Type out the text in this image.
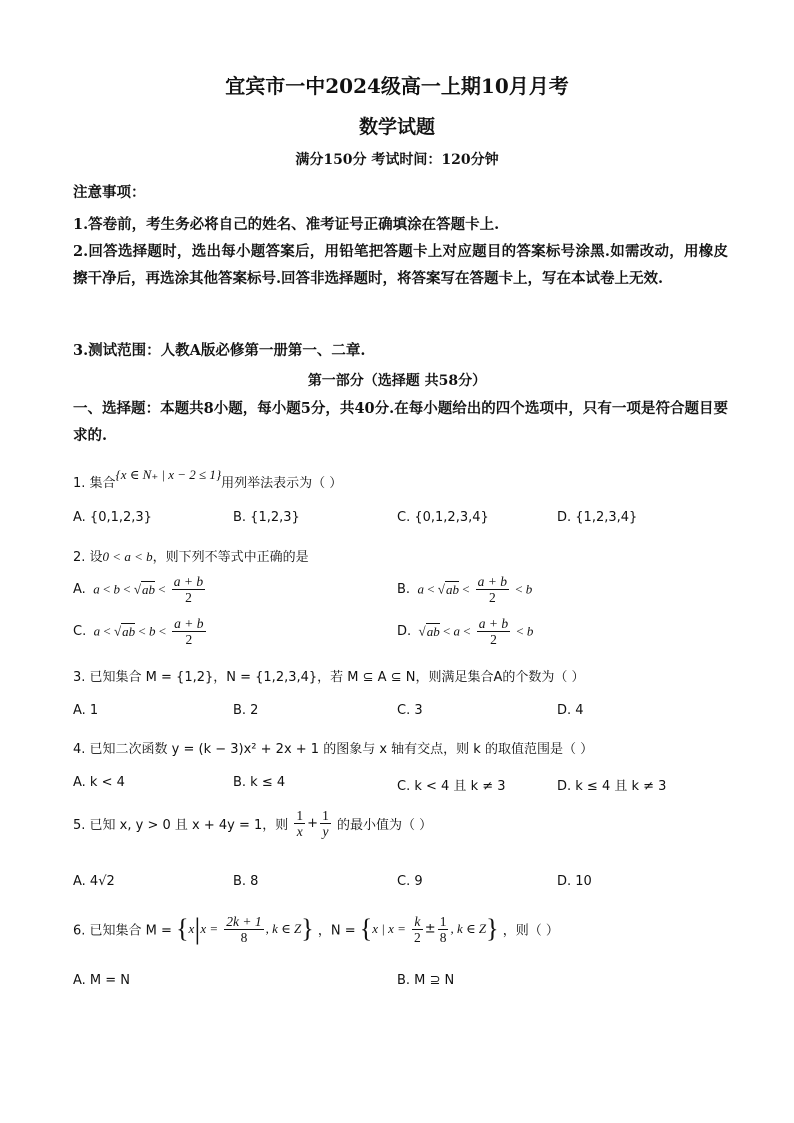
宜宾市一中2024级高一上期10月月考
数学试题
满分150分 考试时间：120分钟
注意事项：
1.答卷前，考生务必将自己的姓名、准考证号正确填涂在答题卡上.
2.回答选择题时，选出每小题答案后，用铅笔把答题卡上对应题目的答案标号涂黑.如需改动，用橡皮擦干净后，再选涂其他答案标号.回答非选择题时，将答案写在答题卡上，写在本试卷上无效.
3.测试范围：人教A版必修第一册第一、二章.
第一部分（选择题 共58分）
一、选择题：本题共8小题，每小题5分，共40分.在每小题给出的四个选项中，只有一项是符合题目要求的.
1. 集合{x ∈ N₊ | x − 2 ≤ 1}用列举法表示为（ ）
A. {0,1,2,3}	B. {1,2,3}	C. {0,1,2,3,4}	D. {1,2,3,4}
2. 设0 < a < b，则下列不等式中正确的是
A. $a < b < √ab < \frac{a + b}{2}$	B. $a < √ab < \frac{a + b}{2} < b$
C. $a < √ab < b < \frac{a + b}{2}$	D.  $√ab < a < \frac{a + b}{2} < b$
3. 已知集合 M = {1,2}，N = {1,2,3,4}，若 M ⊆ A ⊆ N，则满足集合A的个数为（ ）
A. 1	B. 2	C. 3	D. 4
4. 已知二次函数 y = (k − 3)x² + 2x + 1 的图象与 x 轴有交点，则 k 的取值范围是（ ）
A. k < 4	B. k ≤ 4	C. k < 4 且 k ≠ 3	D. k ≤ 4 且 k ≠ 3
5. 已知 x, y > 0 且 x + 4y = 1，则 $\frac{1}{x} + \frac{1}{y}$ 的最小值为（ ）
A. 4√2	B. 8	C. 9	D. 10
6. 已知集合 $M = \{x|x = \frac{2k + 1}{8}$ , k ∈ Z} ，N = {x | $x = \frac{k}{2} \pm \frac{1}{8}$ , k ∈ Z} ，则（ ）
A. M = N	B. M ⊇ N
